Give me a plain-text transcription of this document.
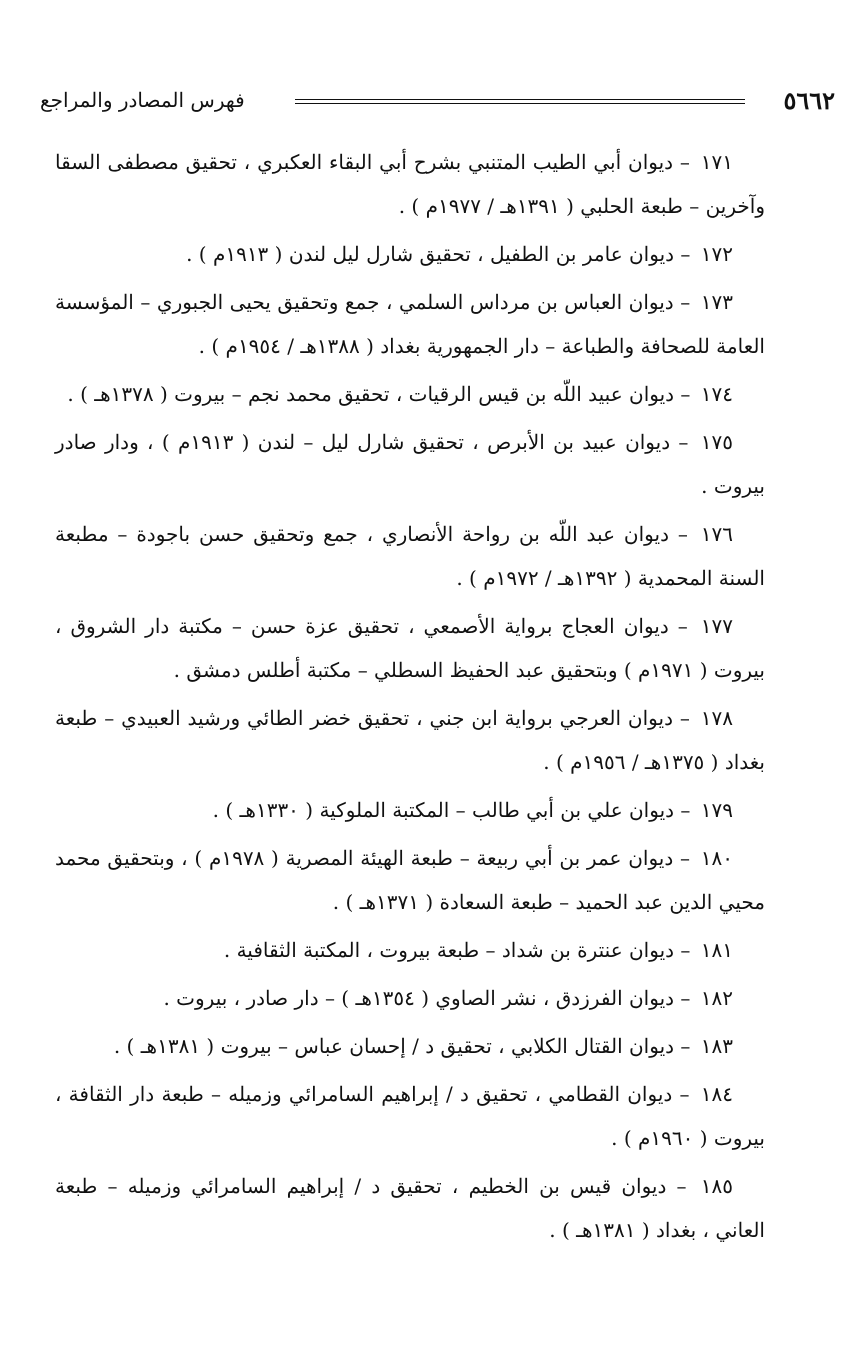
٥٦٦٢
فهرس المصادر والمراجع

١٧١ – ديوان أبي الطيب المتنبي بشرح أبي البقاء العكبري ، تحقيق مصطفى السقا وآخرين – طبعة الحلبي ( ١٣٩١هـ / ١٩٧٧م ) .

١٧٢ – ديوان عامر بن الطفيل ، تحقيق شارل ليل لندن ( ١٩١٣م ) .

١٧٣ – ديوان العباس بن مرداس السلمي ، جمع وتحقيق يحيى الجبوري – المؤسسة العامة للصحافة والطباعة – دار الجمهورية بغداد ( ١٣٨٨هـ / ١٩٥٤م ) .

١٧٤ – ديوان عبيد اللّه بن قيس الرقيات ، تحقيق محمد نجم – بيروت ( ١٣٧٨هـ ) .

١٧٥ – ديوان عبيد بن الأبرص ، تحقيق شارل ليل – لندن ( ١٩١٣م ) ، ودار صادر بيروت .

١٧٦ – ديوان عبد اللّه بن رواحة الأنصاري ، جمع وتحقيق حسن باجودة – مطبعة السنة المحمدية ( ١٣٩٢هـ / ١٩٧٢م ) .

١٧٧ – ديوان العجاج برواية الأصمعي ، تحقيق عزة حسن – مكتبة دار الشروق ، بيروت ( ١٩٧١م ) وبتحقيق عبد الحفيظ السطلي – مكتبة أطلس دمشق .

١٧٨ – ديوان العرجي برواية ابن جني ، تحقيق خضر الطائي ورشيد العبيدي – طبعة بغداد ( ١٣٧٥هـ / ١٩٥٦م ) .

١٧٩ – ديوان علي بن أبي طالب – المكتبة الملوكية ( ١٣٣٠هـ ) .

١٨٠ – ديوان عمر بن أبي ربيعة – طبعة الهيئة المصرية ( ١٩٧٨م ) ، وبتحقيق محمد محيي الدين عبد الحميد – طبعة السعادة ( ١٣٧١هـ ) .

١٨١ – ديوان عنترة بن شداد – طبعة بيروت ، المكتبة الثقافية .

١٨٢ – ديوان الفرزدق ، نشر الصاوي ( ١٣٥٤هـ ) – دار صادر ، بيروت .

١٨٣ – ديوان القتال الكلابي ، تحقيق د / إحسان عباس – بيروت ( ١٣٨١هـ ) .

١٨٤ – ديوان القطامي ، تحقيق د / إبراهيم السامرائي وزميله – طبعة دار الثقافة ، بيروت ( ١٩٦٠م ) .

١٨٥ – ديوان قيس بن الخطيم ، تحقيق د / إبراهيم السامرائي وزميله – طبعة العاني ، بغداد ( ١٣٨١هـ ) .
